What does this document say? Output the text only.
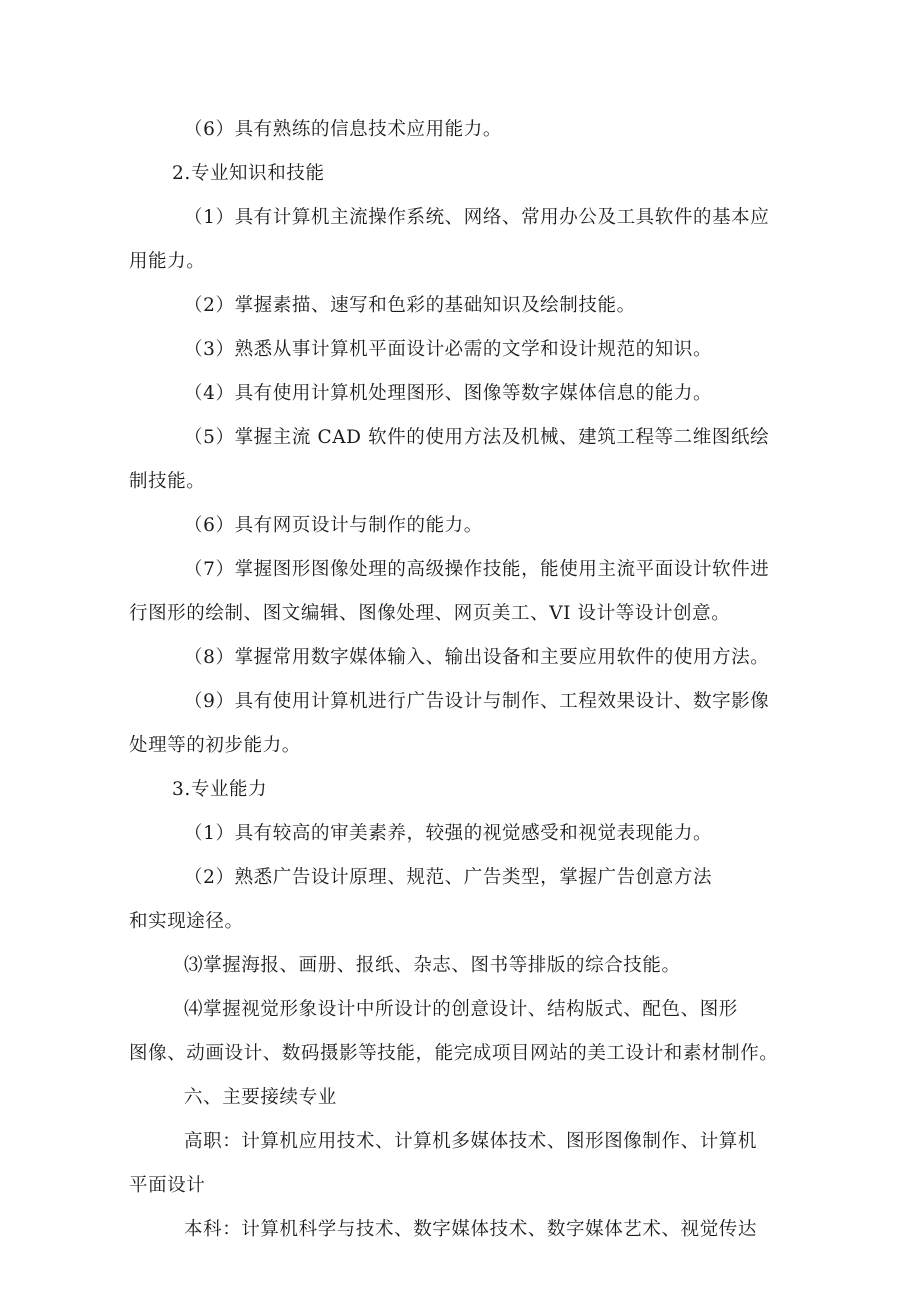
（6）具有熟练的信息技术应用能力。
2.专业知识和技能
（1）具有计算机主流操作系统、网络、常用办公及工具软件的基本应
用能力。
（2）掌握素描、速写和色彩的基础知识及绘制技能。
（3）熟悉从事计算机平面设计必需的文学和设计规范的知识。
（4）具有使用计算机处理图形、图像等数字媒体信息的能力。
（5）掌握主流 CAD 软件的使用方法及机械、建筑工程等二维图纸绘
制技能。
（6）具有网页设计与制作的能力。
（7）掌握图形图像处理的高级操作技能，能使用主流平面设计软件进
行图形的绘制、图文编辑、图像处理、网页美工、VI 设计等设计创意。
（8）掌握常用数字媒体输入、输出设备和主要应用软件的使用方法。
（9）具有使用计算机进行广告设计与制作、工程效果设计、数字影像
处理等的初步能力。
3.专业能力
（1）具有较高的审美素养，较强的视觉感受和视觉表现能力。
（2）熟悉广告设计原理、规范、广告类型，掌握广告创意方法
和实现途径。
⑶掌握海报、画册、报纸、杂志、图书等排版的综合技能。
⑷掌握视觉形象设计中所设计的创意设计、结构版式、配色、图形
图像、动画设计、数码摄影等技能，能完成项目网站的美工设计和素材制作。
六、主要接续专业
高职：计算机应用技术、计算机多媒体技术、图形图像制作、计算机
平面设计
本科：计算机科学与技术、数字媒体技术、数字媒体艺术、视觉传达
